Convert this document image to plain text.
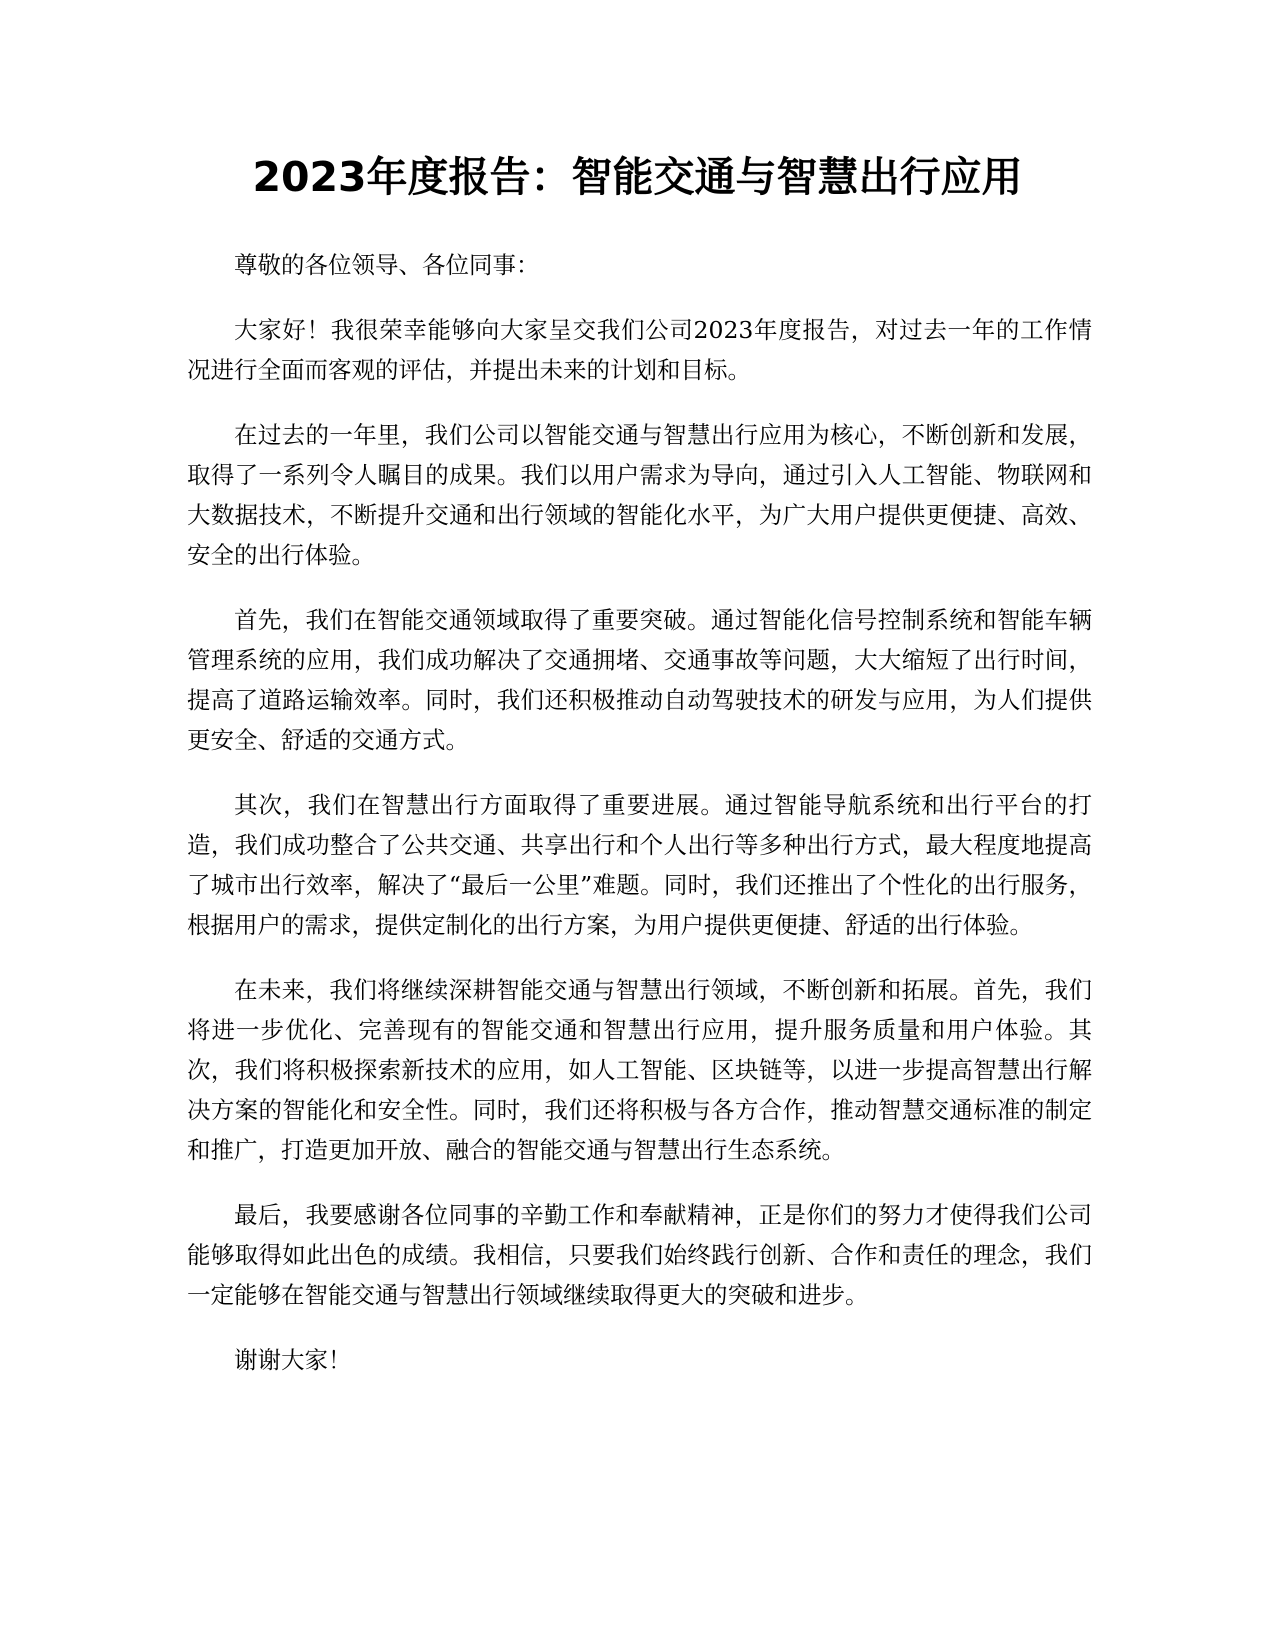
2023年度报告：智能交通与智慧出行应用

尊敬的各位领导、各位同事：

大家好！我很荣幸能够向大家呈交我们公司2023年度报告，对过去一年的工作情况进行全面而客观的评估，并提出未来的计划和目标。

在过去的一年里，我们公司以智能交通与智慧出行应用为核心，不断创新和发展，取得了一系列令人瞩目的成果。我们以用户需求为导向，通过引入人工智能、物联网和大数据技术，不断提升交通和出行领域的智能化水平，为广大用户提供更便捷、高效、安全的出行体验。

首先，我们在智能交通领域取得了重要突破。通过智能化信号控制系统和智能车辆管理系统的应用，我们成功解决了交通拥堵、交通事故等问题，大大缩短了出行时间，提高了道路运输效率。同时，我们还积极推动自动驾驶技术的研发与应用，为人们提供更安全、舒适的交通方式。

其次，我们在智慧出行方面取得了重要进展。通过智能导航系统和出行平台的打造，我们成功整合了公共交通、共享出行和个人出行等多种出行方式，最大程度地提高了城市出行效率，解决了“最后一公里”难题。同时，我们还推出了个性化的出行服务，根据用户的需求，提供定制化的出行方案，为用户提供更便捷、舒适的出行体验。

在未来，我们将继续深耕智能交通与智慧出行领域，不断创新和拓展。首先，我们将进一步优化、完善现有的智能交通和智慧出行应用，提升服务质量和用户体验。其次，我们将积极探索新技术的应用，如人工智能、区块链等，以进一步提高智慧出行解决方案的智能化和安全性。同时，我们还将积极与各方合作，推动智慧交通标准的制定和推广，打造更加开放、融合的智能交通与智慧出行生态系统。

最后，我要感谢各位同事的辛勤工作和奉献精神，正是你们的努力才使得我们公司能够取得如此出色的成绩。我相信，只要我们始终践行创新、合作和责任的理念，我们一定能够在智能交通与智慧出行领域继续取得更大的突破和进步。

谢谢大家！
